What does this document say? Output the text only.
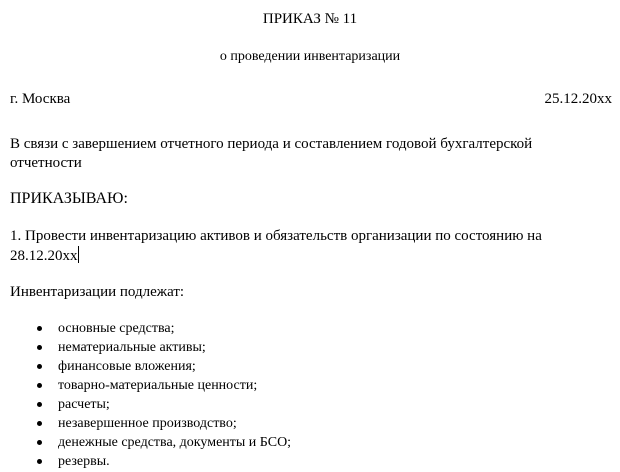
ПРИКАЗ № 11
о проведении инвентаризации
г. Москва	25.12.20хх
В связи с завершением отчетного периода и составлением годовой бухгалтерской отчетности
ПРИКАЗЫВАЮ:
1. Провести инвентаризацию активов и обязательств организации по состоянию на 28.12.20хх
Инвентаризации подлежат:
основные средства;
нематериальные активы;
финансовые вложения;
товарно-материальные ценности;
расчеты;
незавершенное производство;
денежные средства, документы и БСО;
резервы.
